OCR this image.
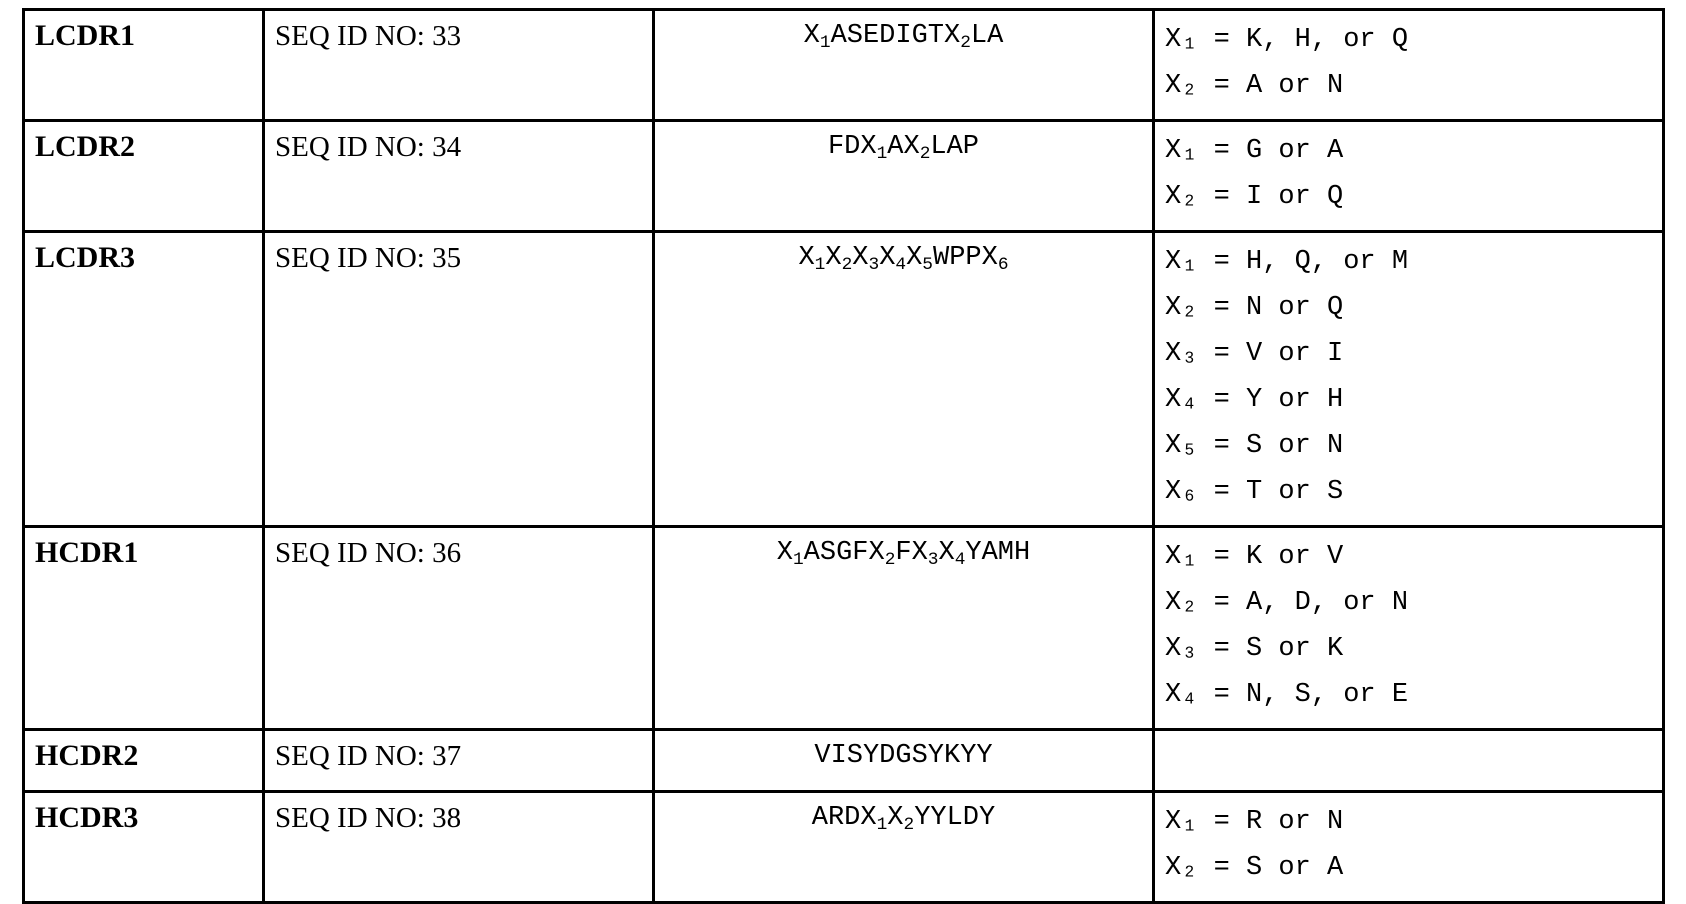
LCDR1	SEQ ID NO: 33	$X_1ASEDIGTX_2LA$	X₁ = K, H, or Q
X₂ = A or N

LCDR2	SEQ ID NO: 34	$FDX_1AX_2LAP$	X₁ = G or A
X₂ = I or Q

LCDR3	SEQ ID NO: 35	$X_1X_2X_3X_4X_5WPPX_6$	X₁ = H, Q, or M
X₂ = N or Q
X₃ = V or I
X₄ = Y or H
X₅ = S or N
X₆ = T or S

HCDR1	SEQ ID NO: 36	$X_1ASGFX_2FX_3X_4YAMH$	X₁ = K or V
X₂ = A, D, or N
X₃ = S or K
X₄ = N, S, or E

HCDR2	SEQ ID NO: 37	VISYDGSYKYY	
HCDR3	SEQ ID NO: 38	$ARDX_1X_2YYLDY$	X₁ = R or N
X₂ = S or A
